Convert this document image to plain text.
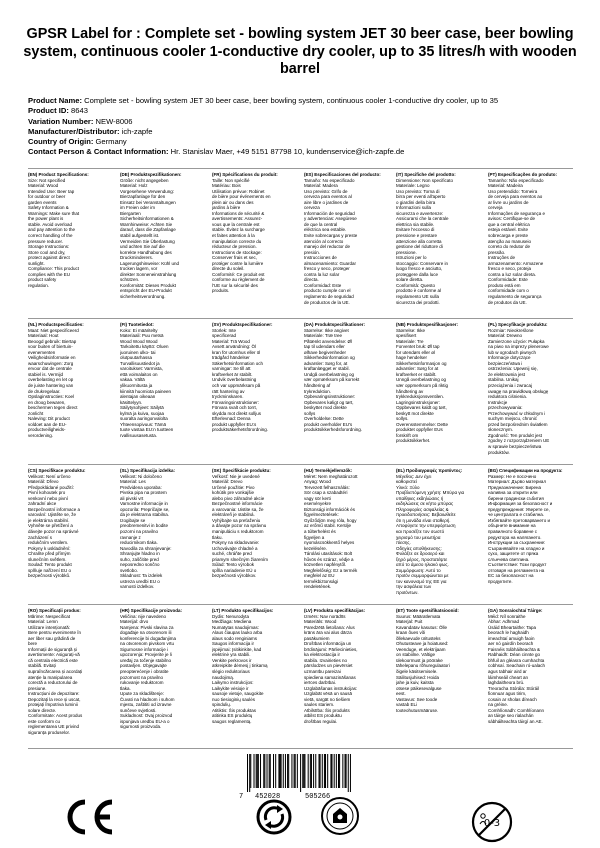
GPSR Label for : Complete set - bowling system JET 30 beer case, beer bowling system, continuous cooler 1-conductive dry cooler, up to 35 litres/h with wooden barrel
Product Name: Complete set - bowling system JET 30 beer case, beer bowling system, continuous cooler 1-conductive dry cooler, up to 35
Product ID: 8643
Variation Number: NEW-8006
Manufacturer/Distributor: ich-zapfe
Country of Origin: Germany
Contact Person & Contact Information: Hr. Stanislav Maer, +49 5151 87798 10, kundenservice@ich-zapfe.de
(EN) Product Specifications:
Size: Not specified
Material: Wood
Intended Use: Beer tap
for outdoor or beer
garden events
Safety Information &
Warnings: Make sure that
the power plant is
stable. Avoid overload
and pay attention to the
correct handling of the
pressure reducer.
Storage Instructions:
Store cool and dry,
protect against direct
sunlight.
Compliance: This product
complies with the EU
product safety
regulation.
(DE) Produktspezifikationen:
Größe: nicht angegeben
Material: Holz
Vorgesehene Verwendung:
Bierzapfanlage für den
Einsatz bei Veranstaltungen
im Freien oder im
Biergarten
Sicherheitsinformationen &
Warnhinweise: Achten Sie
darauf, dass die Zapfanlage
stabil aufgestellt ist.
Vermeiden Sie Überlastung
und achten Sie auf die
korrekte Handhabung des
Druckminderers.
Lagerungshinweise: Kühl und
trocken lagern, vor
direkter Sonneneinstrahlung
schützen.
Konformität: Dieses Produkt
entspricht der EU-Produkt
sicherheitsverordnung.
(FR) Spécifications du produit:
Taille: Non spécifié
Matériau: Bois
Utilisation prévue: Robinet
de bière pour événements en
plein air ou dans des
jardins à bière
Informations de sécurité &
avertissements: Assurez-
vous que la centrale est
stable. Évitez la surcharge
et faites attention à la
manipulation correcte du
réducteur de pression.
Instructions de stockage:
Conserver frais et sec,
protéger contre la lumière
directe du soleil.
Conformité: Ce produit est
conforme au règlement de
l'UE sur la sécurité des
produits.
(ES) Especificaciones del producto:
Tamaño: No especificado
Material: Madera
Uso previsto: Grifo de
cerveza para eventos al
aire libre o jardines de
cerveza
Información de seguridad
y advertencias: Asegúrese
de que la central
eléctrica sea estable.
Evite sobrecargas y preste
atención al correcto
manejo del reductor de
presión.
Instrucciones de
almacenamiento: Guardar
fresco y seco, proteger
contra la luz solar
directa.
Conformidad: Este
producto cumple con el
reglamento de seguridad
de productos de la UE.
(IT) Specifiche del prodotto:
Dimensione: Non specificato
Materiale: Legno
Uso previsto: Torna di
birra per eventi all'aperto
o giardini della birra
Informazioni sulla
sicurezza e avvertenze:
Assicurarsi che la centrale
elettrica sia stabile.
Evitare l'eccesso di
pressione e prestare
attenzione alla corretta
gestione del riduttore di
pressione.
Istruzioni per lo
stoccaggio: Conservare in
luogo fresco e asciutto,
proteggere dalla luce
solare diretta.
Conformità: Questo
prodotto è conforme al
regolamento UE sulla
sicurezza dei prodotti.
(PT) Especificações do produto:
Tamanho: Não especificado
Material: Madeira
Uso pretendido: Torneira
de cerveja para eventos ao
ar livre ou jardins de
cerveja
Informações de segurança e
avisos: Certifique-se de
que a central elétrica
esteja estável. Evite
sobrecarga e preste
atenção ao manuseio
correto do redutor de
pressão.
Instruções de
armazenamento: Armazene
fresco e seco, proteja
contra a luz solar direta.
Conformidade: Este
produto está em
conformidade com o
regulamento de segurança
de produtos da UE.
(NL) Productspecificaties:
Maat: Niet gespecificeerd
Materiaal: Hout
Beoogd gebruik: Biertap
voor buiten of biertuin-
evenementen
Veiligheidsinformatie en
waarschuwingen: Zorg
ervoor dat de centrale
stabiel is. Vermijd
overbelasting en let op
de juiste hantering van
de drukregelaar.
Opslaginstructies: Koel
en droog bewaren,
beschermen tegen direct
zonlicht
Naleving: Dit product
voldoet aan de EU-
productveiligheids-
verordening.
(FI) Tuotetiedot:
Koko: Ei määritelty
Materiaali: Puu metsä
Wood Wood Wood
Tarkoitettu käyttö: Oluen
juoruinen ulko- tai
olutpuutarhassa
Turvallisuustiedot ja
varoitukset: Varmista,
että voimalaitos on
vakaa. Vältä
ylikuormitusta ja
kiinnitä huomiota paineen
alentajan oikeaan
käsittelyyn.
Säilytysohjeet: Säilytä
kylmä ja kuiva, suojaa
suoralta auringonvalolta
Yhteensopivuus: Tämä
tuote vastaa EU:n tuotteen
rvallisuusasetusta.
(SV) Produktspecifikationer:
Storlek: Inte
specificerad
Material: Trä Wood
Avsett användning: Öl
kran för utomhus eller öl
trädgård händelser
Säkerhetsinformation och
varningar: Se till att
kraftverket är stabilt.
Undvik överbelastning
och var uppmärksam på
rätt hantering av
tryckminskaren.
Förvaringsinstruktioner:
Förvara svalt och torrt,
skydda mot direkt solljus
Efterlevnad: Denna
produkt uppfyller EU:s
produktsäkerhetsförordning.
(DA) Produktspecifikationer:
Størrelse: Ikke angivet
Materiale: Træ tree
Påtænkt anvendelse: Øl
tap til udendørs eller
ølhave begivenheder
Sikkerhedsinformation og
advarsler: Sørg for, at
kraftanlægget er stabil.
Undgå overbelastning og
vær opmærksom på korrekt
håndtering af
trykreduktion.
Opbevaringsinstruktioner:
Opbevares køligt og tørt,
beskyttet mod direkte
sollys
Overholdelse: Dette
produkt overholder EU's
produktsikkerhedsforordning.
(NB) Produktspesifikasjoner:
Størrelse: Ikke
spesifisert
Materiale: Tre
Forventet bruk: Øl tap
for utendørs eller øl
hage hendelser
Sikkerhetsinformasjon og
advarsler: Sørg for at
kraftverket er stabilt.
Unngå overbelastning og
vær oppmerksom på riktig
håndtering av
trykkreduksjonsventilen.
Lagringsinstruksjoner:
Oppbevares kaldt og tørt,
beskytt mot direkte
sollys.
Overensstemmelse: Dette
produktet oppfyller EUs
forskrift om
produktsikkerhet.
(PL) Specyfikacje produktu:
Rozmiar: Nieokreślone
Materiał: Drewno
Zamierzone użycie: Pułapka
na piwo na imprezy plenerowe
lub w ogrodach piwnych
Informacje dotyczące
bezpieczeństwa i
ostrzeżenia: Upewnij się,
że elektrownia jest
stabilna. Unikaj
przeciążenia i zwracaj
uwagę na prawidłową obsługę
reduktora ciśnienia.
Instrukcje
przechowywania:
Przechowywać w chłodnym i
suchym miejscu, chronić
przed bezpośrednim światłem
słonecznym.
Zgodność: Ten produkt jest
zgodny z rozporządzeniem UE
w sprawie bezpieczeństwa
produktów.
(CS) Specifikace produktu:
Velikost: Není určeno
Materiál: Dřevo
Předpokládané použití:
Pivní kohoutek pro
venkovní nebo pivní
zahradní akce
Bezpečnostní informace a
varování: Ujistěte se, že
je elektrárna stabilní.
Vyhněte se přetížení a
dávejte pozor na správné
zacházení s
redukčním ventilem.
Pokyny k uskladnění:
Chraňte před přímým
slunečním světlem.
Soulad: Tento produkt
splňuje nařízení EU o
bezpečnosti výrobků.
(SL) Specifikacija izdelka:
Velikost: Ni določeno
Material: Les
Predvidena uporaba:
Pivska pipa na prostem
ali pivski vrt
Varnostne informacije in
opozorila: Prepričajte se,
da je elektrarna stabilna.
Izogibajte se
preobremenitvi in bodite
pozorni na pravilno
ravnanje z
reducirnikom tlaka.
Navodila za shranjevanje:
Shranjujte hladno in
suho, zaščitite pred
neposredno sončno
svetlobo.
Skladnost: Ta izdelek
ustreza uredbi EU o
varnosti izdelkov.
(SK) Špecifikácie produktu:
Veľkosť: Nie je uvedené
Materiál: Drevo
Určené použitie: Pivo
kohútik pre vonkajšie
alebo pivo záhradné akcie
Bezpečnostné informácie
a varovania: Uistite sa, že
elektráreň je stabilná.
Vyhýbajte sa preťaženiu
a dávajte pozor na správnu
manipuláciu s reduktorom
tlaku.
Pokyny na skladovanie:
Uchovávajte chladné a
suché, chráňte pred
priamym slnečným žiarením
Súlad: Tento výrobok
spĺňa nariadenie EÚ o
bezpečnosti výrobkov.
(HU) Termékjellemzők:
Méret: Nem meghatározott
Anyag: Wood
Tervezett felhasználás:
Sör csap a szabadtéri
vagy sör kerti
eseményekre
Biztonsági információk és
figyelmeztetések:
Győződjön meg róla, hogy
az erőmű stabil. Kerülje
a túlterhelést és
figyeljen a
nyomáscsökkentő helyes
kezelésére.
Tárolási utasítások: Bolt
hűvös és száraz, védje a
közvetlen napfénytől.
Megfelelőség: Ez a termék
megfelel az EU
termékbiztonsági
rendeletének.
(EL) Προδιαγραφές προϊόντος:
Μέγεθος: Δεν έχει
καθοριστεί
Υλικό: Ξύλο
Προβλεπόμενη χρήση: Μπύρα για
υπαίθριες εκδηλώσεις ή
εκδηλώσεις σε κήπο μπύρας
Πληροφορίες ασφαλείας &
προειδοποιήσεις: Βεβαιωθείτε
ότι η μονάδα είναι σταθερή.
Αποφύγετε την υπερφόρτωση
και προσέξτε τον σωστό
χειρισμό του μειωτήρα
πίεσης.
Οδηγίες αποθήκευσης:
Φυλάξτε σε δροσερό και
ξηρό μέρος, προστατέψτε
από το άμεσο ηλιακό φως.
Συμμόρφωση: Αυτό το
προϊόν συμμορφώνεται με
τον κανονισμό της ΕΕ για
την ασφάλεια των
προϊόντων.
(BG) Спецификации на продукта:
Размер: Не е посочено
Материал: Дърво материал
Предназначение: Бирена
наливна за открити или
бирени градински събития
Информация за безопасност и
предупреждения: Уверете се,
че централата е стабилна.
Избягвайте претоварването и
обърнете внимание на
правилното боравене с
редуктора на налягането.
Инструкции за съхранение:
Съхранявайте на хладно и
сухо, защитете от пряка
слънчева светлина.
Съответствие: Този продукт
отговаря на регламента на
ЕС за безопасност на
продуктите.
(RO) Specificații produs:
Mărime: Nespecificat
Material: Lemn
Utilizare intenționată:
Bere pentru evenimente în
aer liber sau grădină de
bere
Informații de siguranță și
avertismente: Asigurați-vă
că centrala electrică este
stabilă. Evitați
supraîncărcarea și acordați
atenție la manipularea
corectă a reductorului de
presiune.
Instrucțiuni de depozitare:
Depozitați la rece și uscat,
protejați împotriva luminii
solare directe.
Conformitate: Acest produs
este conform cu
reglementarea UE privind
siguranța produselor.
(HR) Specifikacije proizvoda:
Veličina: nije navedeno
Materijal: drvo
Namjena: Pivski slavina za
događaje na otvorenom ili
konferencije bi događanjima
na otvorenom pivskom vrtu
Sigurnosne informacije i
upozorenja: Provjerite je li
uređaj za točenje stabilno
postavljen. Izbjegavajte
preopterećenje i obratite
pozornost na pravilno
rukovanje reduktorom
tlaka.
Upute za skladištenje:
Čuvati na hladnom i suhom
mjestu, zaštititi od izravne
sunčeve svjetlosti.
Sukladnost: Ovaj proizvod
ispunjava uredbu EU-a o
sigurnosti proizvoda.
(LT) Produkto specifikacijos:
Dydis: Nenurodyta
Medžiaga: Mediena
Numatytas naudojimas:
Alaus čiaupas lauko arba
alaus sodo renginiams
Saugos informacija ir
įspėjimai: Įsitikinkite, kad
elektrinė yra stabili.
Venkite perkrovos ir
atkreipkite dėmesį į tinkamą
slėgio reduktoriaus
naudojimą.
Laikymo instrukcijos:
Laikykite vėsioje ir
sausoje vietoje, saugokite
nuo tiesioginių saulės
spindulių.
Atitiktis: Šis produktas
atitinka ES produktų
saugos reglamentą.
(LV) Produkta specifikācijas:
Izmērs: Nav norādīts
Materiāls: Wood
Paredzētā lietošana: Alus
krāns āra vai alus dārza
pasākumiem
Drošības informācija un
brīdinājumi: Pārliecinieties,
ka elektrostacija ir
stabila. Izvairieties no
pārslodzes un pievērsiet
uzmanību pareizai
spiediena samazināšanas
ierīces darbībai.
Uzglabāšanas instrukcijas:
Uzglabāt vēsā un sausā
vietā, sargāt no tiešiem
saules stariem.
Atbilstība: Šis produkts
atbilst ES produktu
drošības regulai.
(ET) Toote spetsifikatsioonid:
Suurus: Määratlemata
Materjal: Puit
Kavandatav kasutus: Õlle
kraan õues või
õllekaevude üritusteks
Ohutusteave ja hoiatused:
Veenduge, et elektrijaam
on stabiilne. Vältige
ülekoormust ja pöörake
tähelepanu rõhuregulaatori
õigele käsitsemisele.
Säilitusjuhised: Hoida
jahe ja kuiv, kaitsta
otsese päikesevalguse
eest.
Vastavus: See toode
vastab ELi
tooteohutusmääruse.
(GA) Sonraíochtaí Táirge:
Méid: Níl sonraithe
Ábhar: Adhmad
Úsáid Bheartaithe: Tapa
beorach le haghaidh
imeachtaí amuigh faoin
aer nó gairdín beorach
Faisnéis Sábháilteachta &
Rabhaidh: Déan cinnte go
bhfuil an gléasra cumhachta
cobhsaí. Seachain ró-ualach
agus tabhair aird ar
láimhseáil cheart an
laghdaitheora brú.
Treoracha Stórála: Stóráil
fionnuar agus tirim,
cosain ar sholas díreach
na gréine.
Comhlíonadh: Comhlíonann
an táirge seo rialachán
sábháilteachta táirgí an AE.
7 452028	505266
0-3
